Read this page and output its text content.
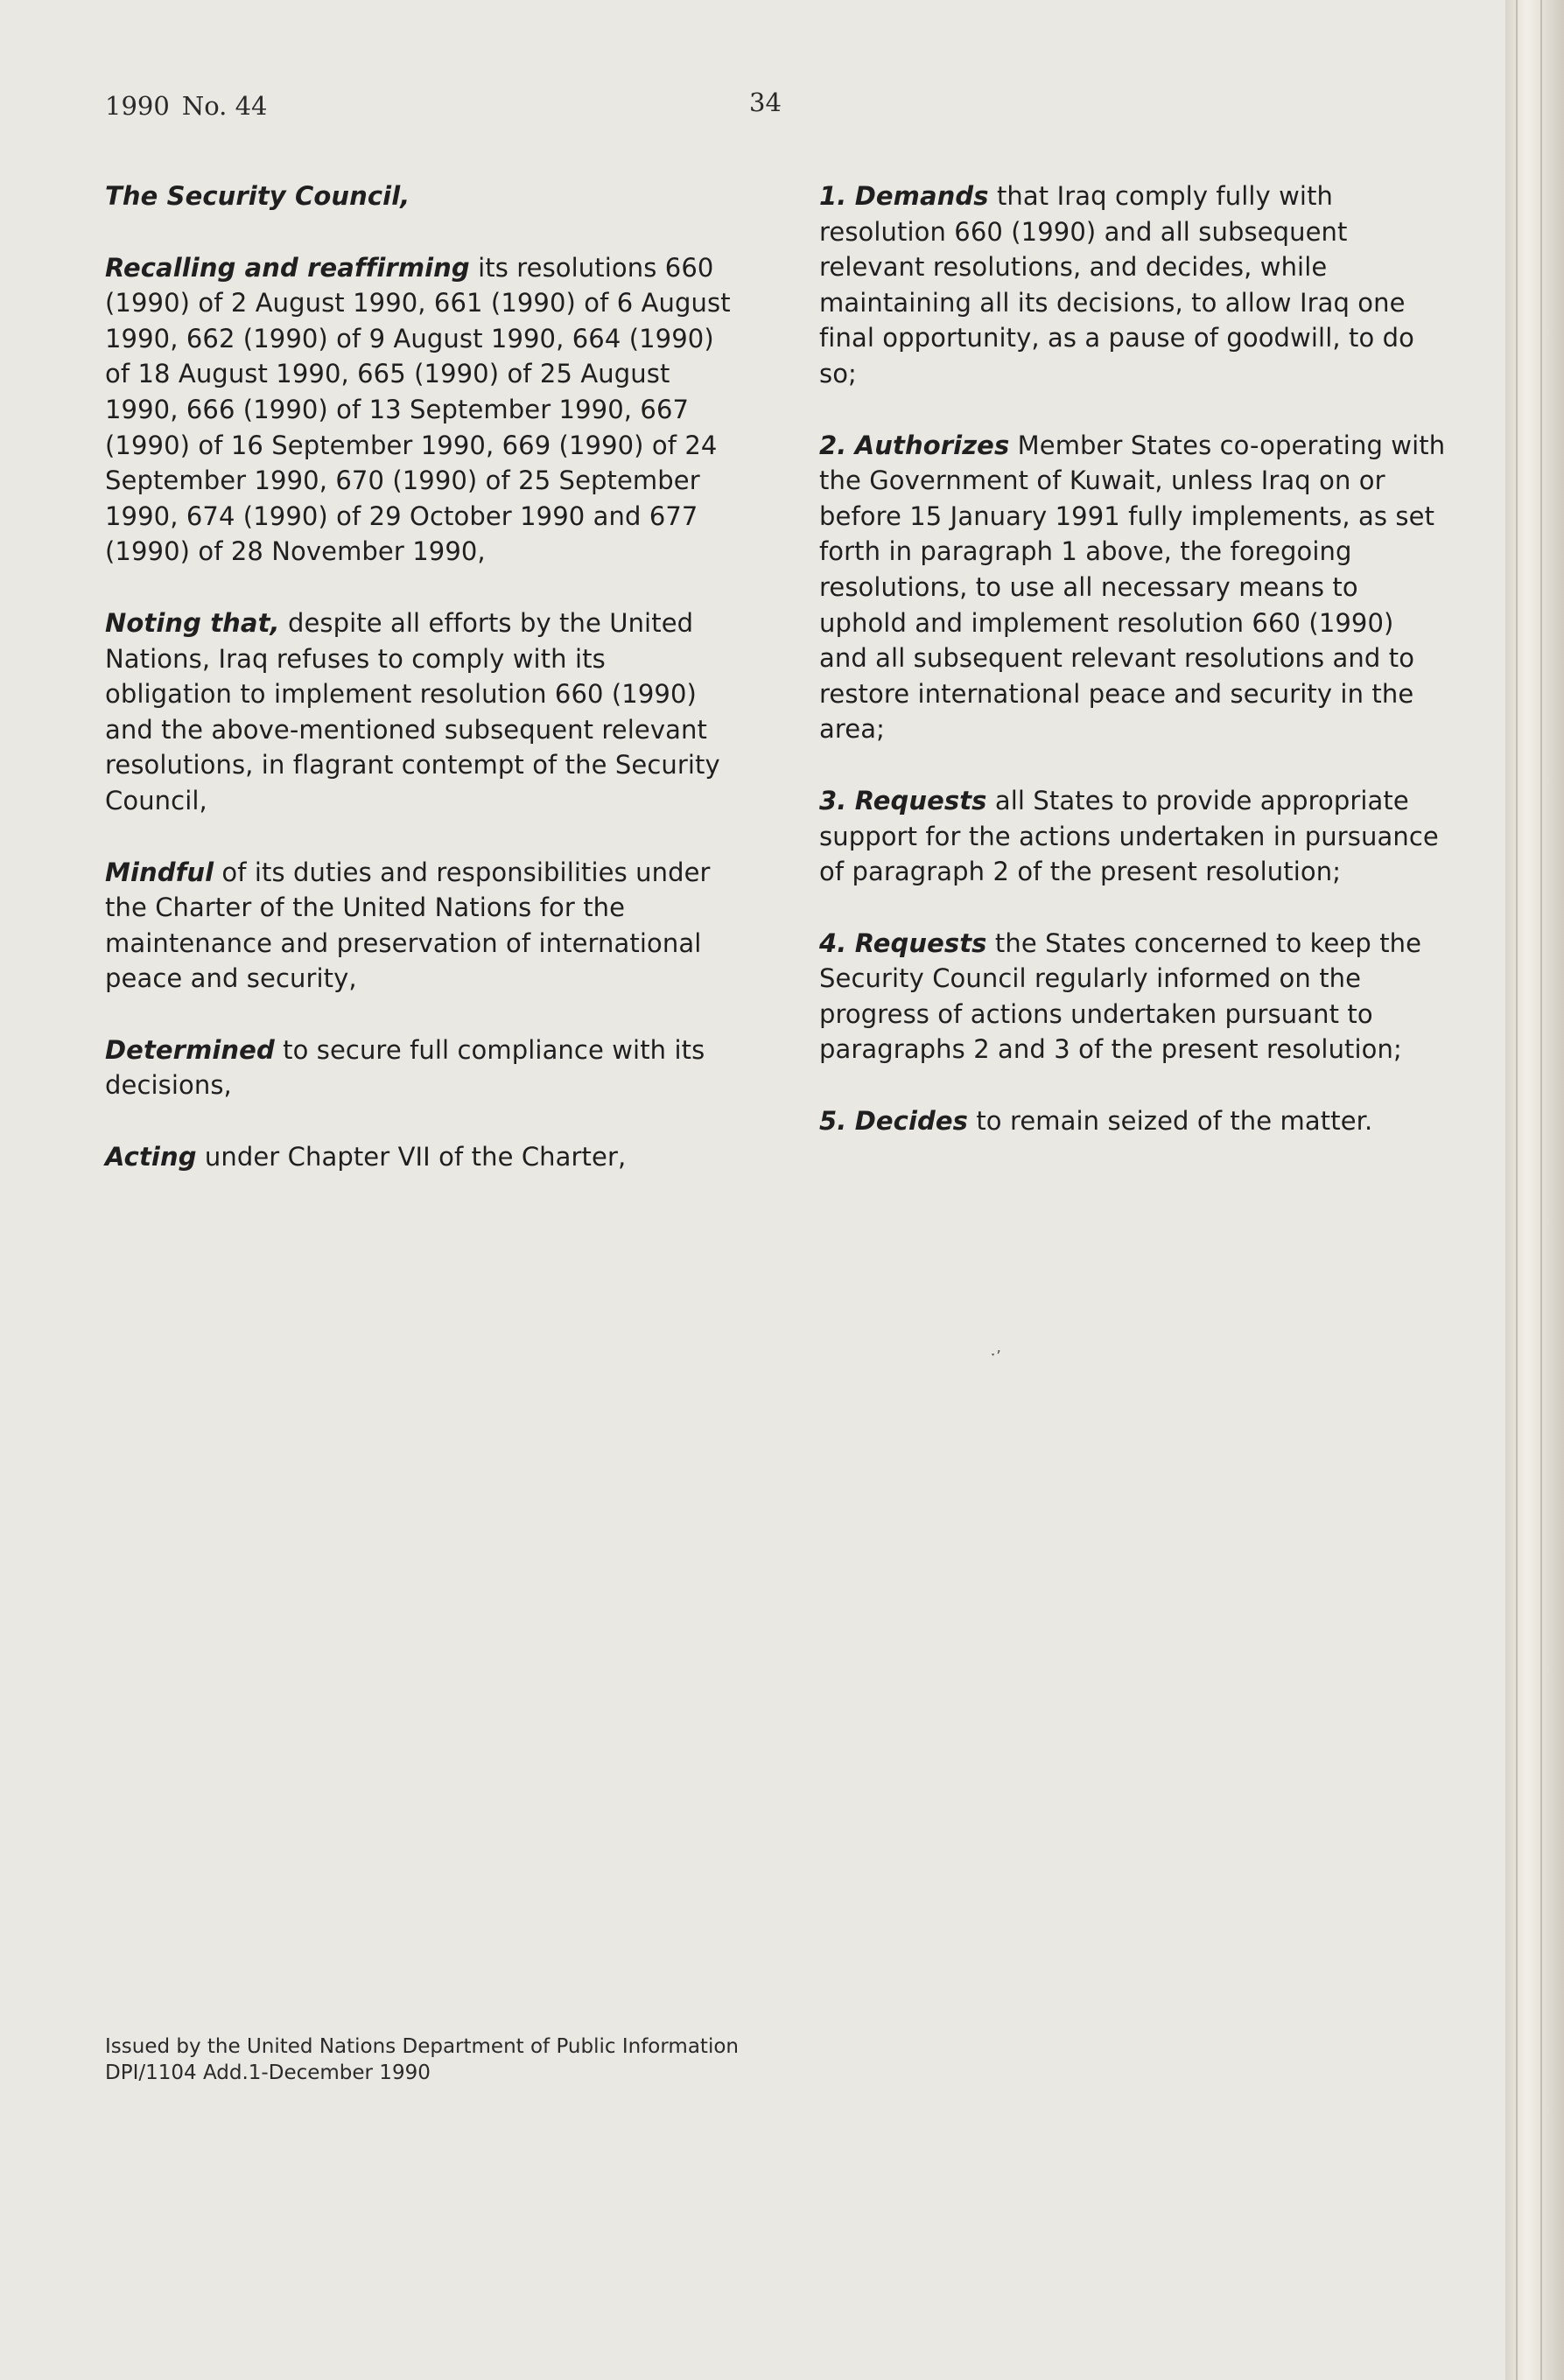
1990 No. 44	34

The Security Council,

Recalling and reaffirming its resolutions 660 (1990) of 2 August 1990, 661 (1990) of 6 August 1990, 662 (1990) of 9 August 1990, 664 (1990) of 18 August 1990, 665 (1990) of 25 August 1990, 666 (1990) of 13 September 1990, 667 (1990) of 16 September 1990, 669 (1990) of 24 September 1990, 670 (1990) of 25 September 1990, 674 (1990) of 29 October 1990 and 677 (1990) of 28 November 1990,

Noting that, despite all efforts by the United Nations, Iraq refuses to comply with its obligation to implement resolution 660 (1990) and the above-mentioned subsequent relevant resolutions, in flagrant contempt of the Security Council,

Mindful of its duties and responsibilities under the Charter of the United Nations for the maintenance and preservation of international peace and security,

Determined to secure full compliance with its decisions,

Acting under Chapter VII of the Charter,

1. Demands that Iraq comply fully with resolution 660 (1990) and all subsequent relevant resolutions, and decides, while maintaining all its decisions, to allow Iraq one final opportunity, as a pause of goodwill, to do so;

2. Authorizes Member States co-operating with the Government of Kuwait, unless Iraq on or before 15 January 1991 fully implements, as set forth in paragraph 1 above, the foregoing resolutions, to use all necessary means to uphold and implement resolution 660 (1990) and all subsequent relevant resolutions and to restore international peace and security in the area;

3. Requests all States to provide appropriate support for the actions undertaken in pursuance of paragraph 2 of the present resolution;

4. Requests the States concerned to keep the Security Council regularly informed on the progress of actions undertaken pursuant to paragraphs 2 and 3 of the present resolution;

5. Decides to remain seized of the matter.

ˑ’
Issued by the United Nations Department of Public Information
DPI/1104 Add.1-December 1990
